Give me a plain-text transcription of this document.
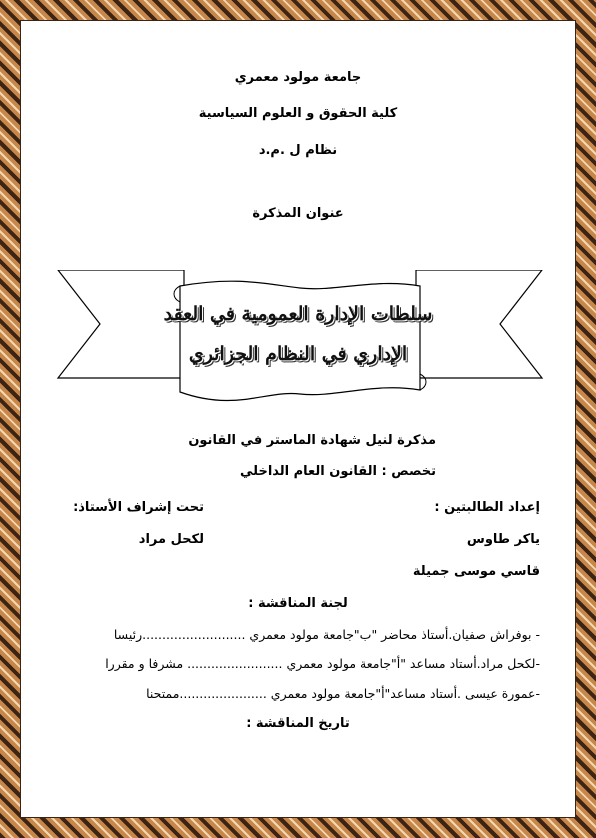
جامعة مولود معمري
كلية الحقوق و العلوم السياسية
نظام ل .م.د
عنوان المذكرة
سلطات الإدارة العمومية في العقد
الإداري في النظام الجزائري
مذكرة لنيل شهادة الماستر في القانون
تخصص : القانون العام الداخلي
إعداد الطالبتين :
تحت إشراف الأستاذ:
ياكر طاوس
لكحل مراد
قاسي موسى جميلة
لجنة المناقشة :
- بوفراش صفيان.أستاذ محاضر "ب"جامعة مولود معمري ..........................رئيسا
-لكحل مراد.أستاد مساعد "أ"جامعة مولود معمري ........................ مشرفا و مقررا
-عمورة عيسى .أستاد مساعد"أ"جامعة مولود معمري ......................ممتحنا
تاريخ المناقشة :
